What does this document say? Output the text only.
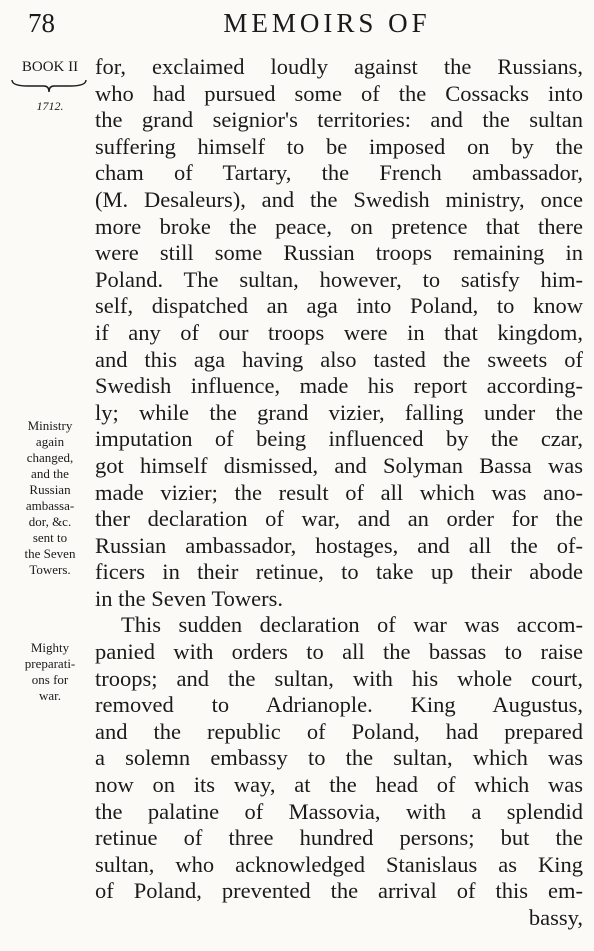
78	MEMOIRS OF
BOOK II
1712.
Ministry
again
changed,
and the
Russian
ambassa-
dor, &c.
sent to
the Seven
Towers.
Mighty
preparati-
ons for
war.
for, exclaimed loudly against the Russians,
who had pursued some of the Cossacks into
the grand seignior's territories: and the sultan
suffering himself to be imposed on by the
cham of Tartary, the French ambassador,
(M. Desaleurs), and the Swedish ministry, once
more broke the peace, on pretence that there
were still some Russian troops remaining in
Poland. The sultan, however, to satisfy him-
self, dispatched an aga into Poland, to know
if any of our troops were in that kingdom,
and this aga having also tasted the sweets of
Swedish influence, made his report according-
ly; while the grand vizier, falling under the
imputation of being influenced by the czar,
got himself dismissed, and Solyman Bassa was
made vizier; the result of all which was ano-
ther declaration of war, and an order for the
Russian ambassador, hostages, and all the of-
ficers in their retinue, to take up their abode
in the Seven Towers.
This sudden declaration of war was accom-
panied with orders to all the bassas to raise
troops; and the sultan, with his whole court,
removed to Adrianople. King Augustus,
and the republic of Poland, had prepared
a solemn embassy to the sultan, which was
now on its way, at the head of which was
the palatine of Massovia, with a splendid
retinue of three hundred persons; but the
sultan, who acknowledged Stanislaus as King
of Poland, prevented the arrival of this em-
bassy,
